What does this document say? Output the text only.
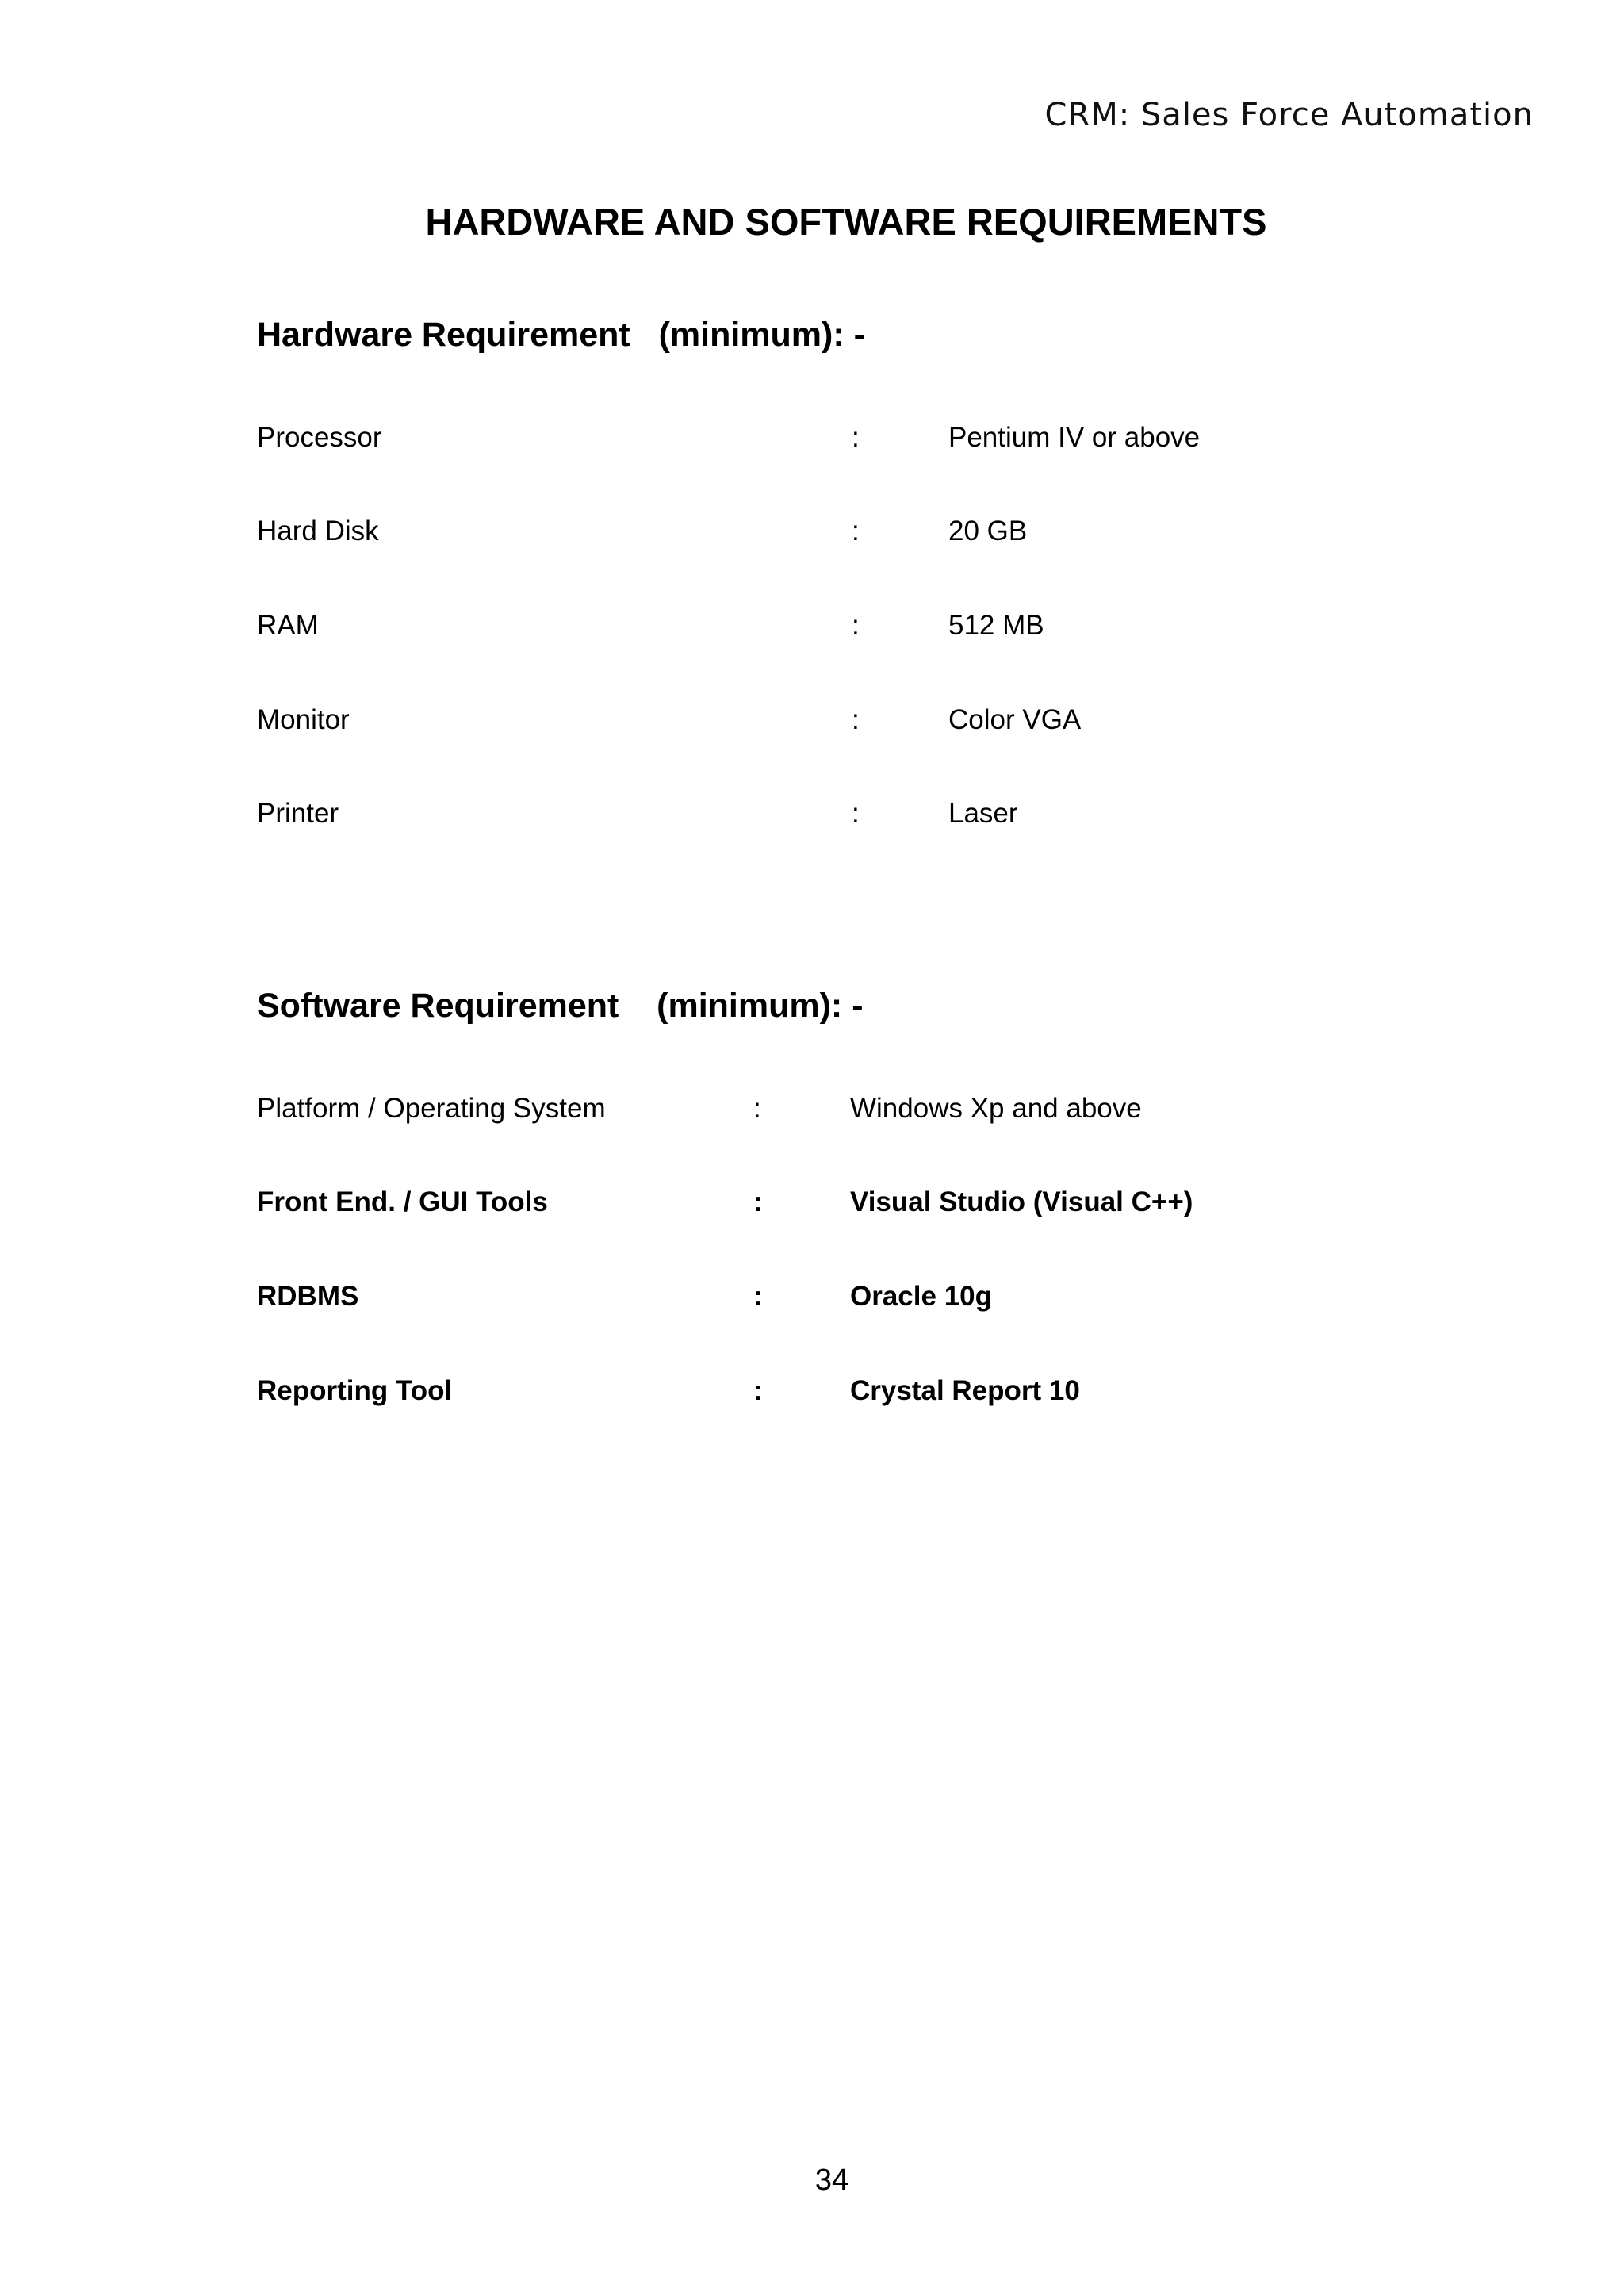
CRM: Sales Force Automation
HARDWARE AND SOFTWARE REQUIREMENTS
Hardware Requirement   (minimum): -
Processor	:	Pentium IV or above
Hard Disk	:	20 GB
RAM	:	512 MB
Monitor	:	Color VGA
Printer	:	Laser
Software Requirement    (minimum): -
Platform / Operating System	:	Windows Xp and above
Front End. / GUI Tools	:	Visual Studio (Visual C++)
RDBMS	:	Oracle 10g
Reporting Tool	:	Crystal Report 10
34
